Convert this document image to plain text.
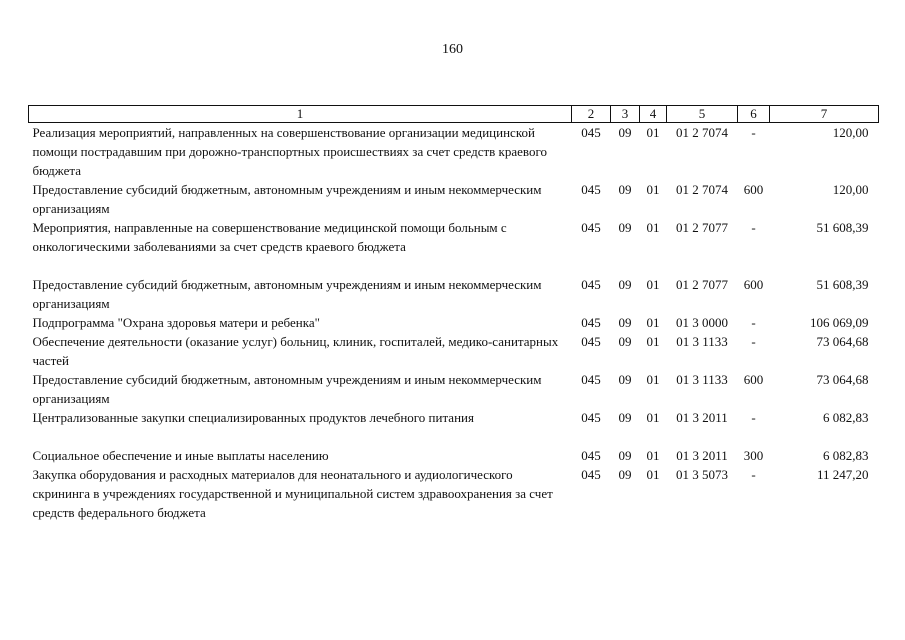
160
1	2	3	4	5	6	7
Реализация мероприятий, направленных на совершенствование организации медицинской помощи пострадавшим при дорожно-транспортных происшествиях за счет средств краевого бюджета	045	09	01	01 2 7074	-	120,00
Предоставление субсидий бюджетным, автономным учреждениям и иным некоммерческим организациям	045	09	01	01 2 7074	600	120,00
Мероприятия, направленные на совершенствование медицинской помощи больным с онкологическими заболеваниями за счет средств краевого бюджета	045	09	01	01 2 7077	-	51 608,39

Предоставление субсидий бюджетным, автономным учреждениям и иным некоммерческим организациям	045	09	01	01 2 7077	600	51 608,39
Подпрограмма "Охрана здоровья матери и ребенка"	045	09	01	01 3 0000	-	106 069,09
Обеспечение деятельности (оказание услуг) больниц, клиник, госпиталей, медико-санитарных частей	045	09	01	01 3 1133	-	73 064,68
Предоставление субсидий бюджетным, автономным учреждениям и иным некоммерческим организациям	045	09	01	01 3 1133	600	73 064,68
Централизованные закупки специализированных продуктов лечебного питания	045	09	01	01 3 2011	-	6 082,83

Социальное обеспечение и иные выплаты населению	045	09	01	01 3 2011	300	6 082,83
Закупка оборудования и расходных материалов для неонатального и аудиологического скрининга в учреждениях государственной и муниципальной систем здравоохранения за счет средств федерального бюджета	045	09	01	01 3 5073	-	11 247,20
